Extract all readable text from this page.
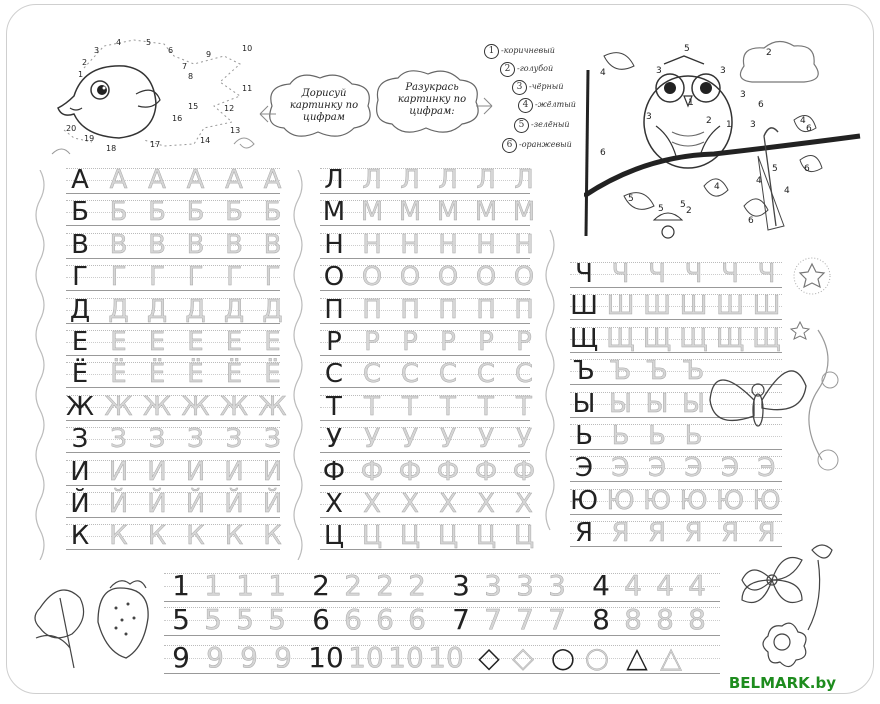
1
2
3
4	5
6
7
8
9
10
11
12
13
14
15
16
17
18
19
20
Дорисуй картинку по цифрам
Разукрась картинку по цифрам:
1 -коричневый
2 -голубой
3 -чёрный
4 -жёлтый
5 -зелёный
6 -оранжевый
5
3	3
1
3	2 1
3
4
2
6
6
5
4
5
4
6
4
6
5
2
5
6
4
3
А А А А А А
Б Б Б Б Б Б
В В В В В В
Г Г Г Г Г Г
Д Д Д Д Д Д
Е Е Е Е Е Е
Ё Ё Ё Ё Ё Ё
Ж Ж Ж Ж Ж Ж
З З З З З З
И И И И И И
Й Й Й Й Й Й
К К К К К К
Л Л Л Л Л Л
М М М М М М
Н Н Н Н Н Н
О О О О О О
П П П П П П
Р Р Р Р Р Р
С С С С С С
Т Т Т Т Т Т
У У У У У У
Ф Ф Ф Ф Ф Ф
Х Х Х Х Х Х
Ц Ц Ц Ц Ц Ц
Ч Ч Ч Ч Ч Ч
Ш Ш Ш Ш Ш Ш
Щ Щ Щ Щ Щ Щ
Ъ Ъ Ъ Ъ
Ы Ы Ы Ы
Ь Ь Ь Ь
Э Э Э Э Э Э
Ю Ю Ю Ю Ю Ю
Я Я Я Я Я Я
1 1 1 1 2 2 2 2 3 3 3 3 4 4 4 4
5 5 5 5 6 6 6 6 7 7 7 7 8 8 8 8
9 9 9 9 10 10 10 10 ◇ ◇ ○ ○ △ △
BELMARK.by
